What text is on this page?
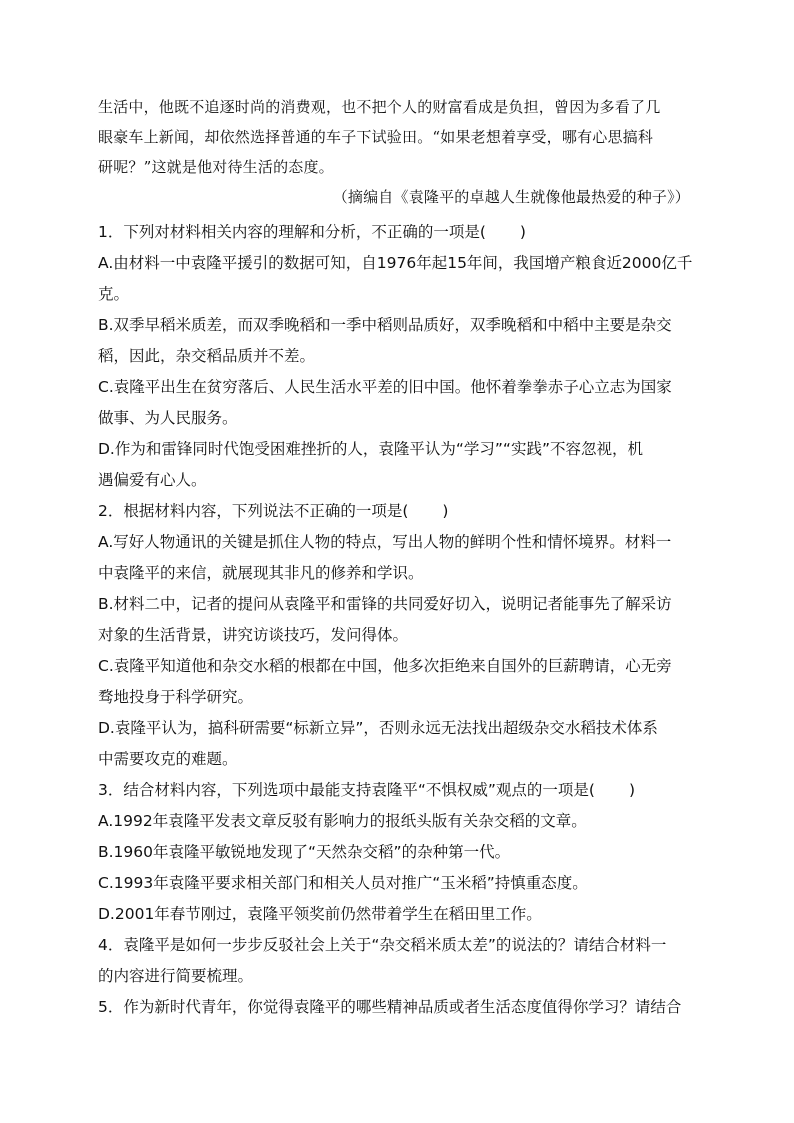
生活中，他既不追逐时尚的消费观，也不把个人的财富看成是负担，曾因为多看了几
眼豪车上新闻，却依然选择普通的车子下试验田。“如果老想着享受，哪有心思搞科
研呢？”这就是他对待生活的态度。
（摘编自《袁隆平的卓越人生就像他最热爱的种子》）
1．下列对材料相关内容的理解和分析，不正确的一项是( )
A.由材料一中袁隆平援引的数据可知，自1976年起15年间，我国增产粮食近2000亿千
克。
B.双季早稻米质差，而双季晚稻和一季中稻则品质好，双季晚稻和中稻中主要是杂交
稻，因此，杂交稻品质并不差。
C.袁隆平出生在贫穷落后、人民生活水平差的旧中国。他怀着拳拳赤子心立志为国家
做事、为人民服务。
D.作为和雷锋同时代饱受困难挫折的人，袁隆平认为“学习”“实践”不容忽视，机
遇偏爱有心人。
2．根据材料内容，下列说法不正确的一项是( )
A.写好人物通讯的关键是抓住人物的特点，写出人物的鲜明个性和情怀境界。材料一
中袁隆平的来信，就展现其非凡的修养和学识。
B.材料二中，记者的提问从袁隆平和雷锋的共同爱好切入，说明记者能事先了解采访
对象的生活背景，讲究访谈技巧，发问得体。
C.袁隆平知道他和杂交水稻的根都在中国，他多次拒绝来自国外的巨薪聘请，心无旁
骛地投身于科学研究。
D.袁隆平认为，搞科研需要“标新立异”，否则永远无法找出超级杂交水稻技术体系
中需要攻克的难题。
3．结合材料内容，下列选项中最能支持袁隆平“不惧权威”观点的一项是( )
A.1992年袁隆平发表文章反驳有影响力的报纸头版有关杂交稻的文章。
B.1960年袁隆平敏锐地发现了“天然杂交稻”的杂种第一代。
C.1993年袁隆平要求相关部门和相关人员对推广“玉米稻”持慎重态度。
D.2001年春节刚过，袁隆平领奖前仍然带着学生在稻田里工作。
4．袁隆平是如何一步步反驳社会上关于“杂交稻米质太差”的说法的？请结合材料一
的内容进行简要梳理。
5．作为新时代青年，你觉得袁隆平的哪些精神品质或者生活态度值得你学习？请结合
